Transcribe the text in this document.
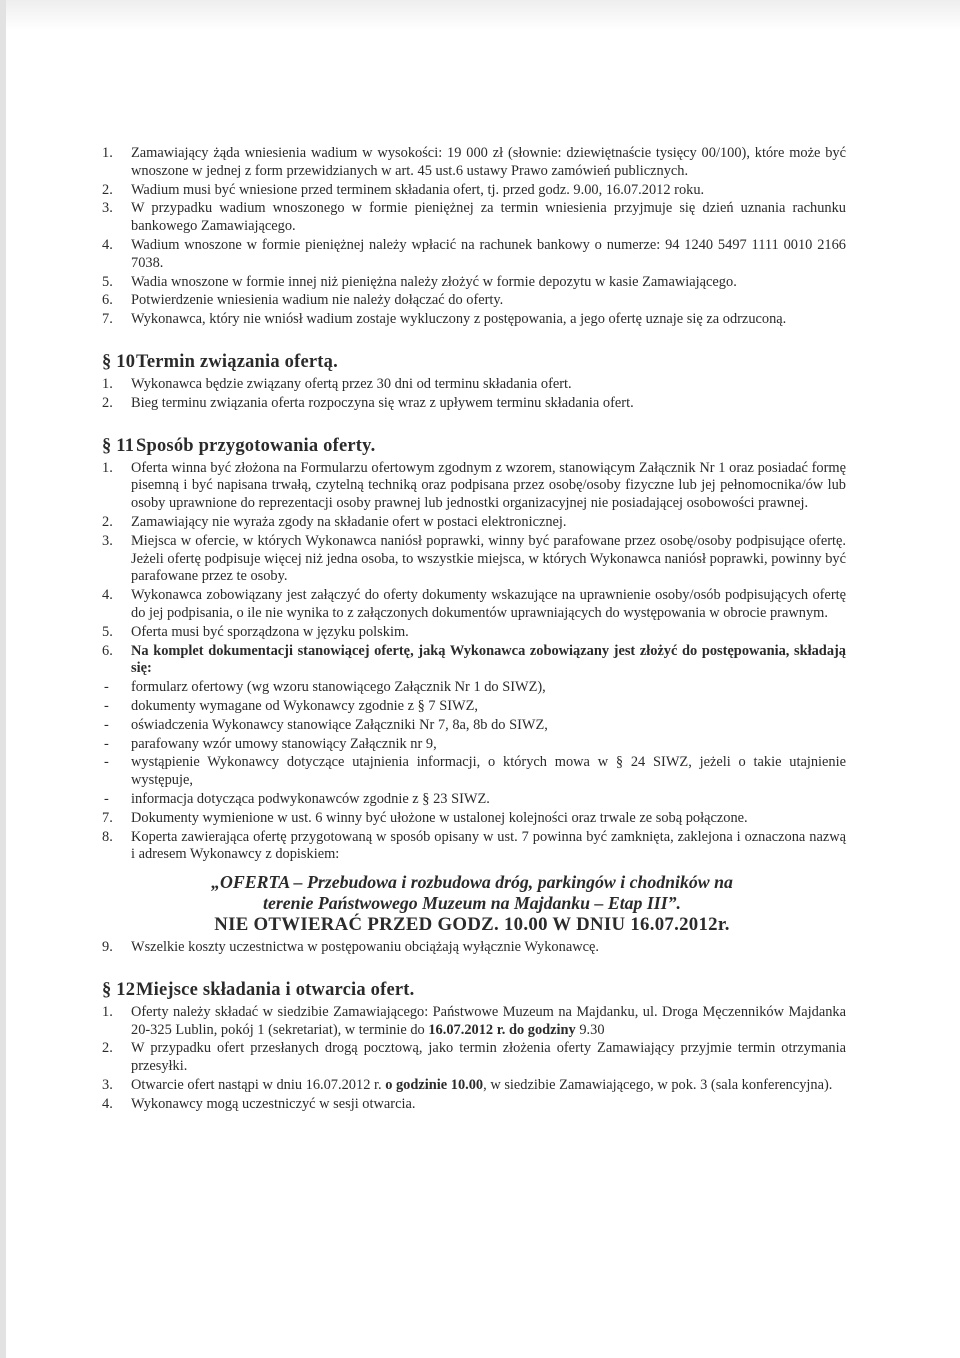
1. Zamawiający żąda wniesienia wadium w wysokości: 19 000 zł (słownie: dziewiętnaście tysięcy 00/100), które może być wnoszone w jednej z form przewidzianych w art. 45 ust.6 ustawy Prawo zamówień publicznych.
2. Wadium musi być wniesione przed terminem składania ofert, tj. przed godz. 9.00, 16.07.2012 roku.
3. W przypadku wadium wnoszonego w formie pieniężnej za termin wniesienia przyjmuje się dzień uznania rachunku bankowego Zamawiającego.
4. Wadium wnoszone w formie pieniężnej należy wpłacić na rachunek bankowy o numerze: 94 1240 5497 1111 0010 2166 7038.
5. Wadia wnoszone w formie innej niż pieniężna należy złożyć w formie depozytu w kasie Zamawiającego.
6. Potwierdzenie wniesienia wadium nie należy dołączać do oferty.
7. Wykonawca, który nie wniósł wadium zostaje wykluczony z postępowania, a jego ofertę uznaje się za odrzuconą.
§ 10Termin związania ofertą.
1. Wykonawca będzie związany ofertą przez 30 dni od terminu składania ofert.
2. Bieg terminu związania oferta rozpoczyna się wraz z upływem terminu składania ofert.
§ 11Sposób przygotowania oferty.
1. Oferta winna być złożona na Formularzu ofertowym zgodnym z wzorem, stanowiącym Załącznik Nr 1 oraz posiadać formę pisemną i być napisana trwałą, czytelną techniką oraz podpisana przez osobę/osoby fizyczne lub jej pełnomocnika/ów lub osoby uprawnione do reprezentacji osoby prawnej lub jednostki organizacyjnej nie posiadającej osobowości prawnej.
2. Zamawiający nie wyraża zgody na składanie ofert w postaci elektronicznej.
3. Miejsca w ofercie, w których Wykonawca naniósł poprawki, winny być parafowane przez osobę/osoby podpisujące ofertę. Jeżeli ofertę podpisuje więcej niż jedna osoba, to wszystkie miejsca, w których Wykonawca naniósł poprawki, powinny być parafowane przez te osoby.
4. Wykonawca zobowiązany jest załączyć do oferty dokumenty wskazujące na uprawnienie osoby/osób podpisujących ofertę do jej podpisania, o ile nie wynika to z załączonych dokumentów uprawniających do występowania w obrocie prawnym.
5. Oferta musi być sporządzona w języku polskim.
6. Na komplet dokumentacji stanowiącej ofertę, jaką Wykonawca zobowiązany jest złożyć do postępowania, składają się:
- formularz ofertowy (wg wzoru stanowiącego Załącznik Nr 1 do SIWZ),
- dokumenty wymagane od Wykonawcy zgodnie z § 7 SIWZ,
- oświadczenia Wykonawcy stanowiące Załączniki Nr 7, 8a, 8b do SIWZ,
- parafowany wzór umowy stanowiący Załącznik nr 9,
- wystąpienie Wykonawcy dotyczące utajnienia informacji, o których mowa w § 24 SIWZ, jeżeli o takie utajnienie występuje,
- informacja dotycząca podwykonawców zgodnie z § 23 SIWZ.
7. Dokumenty wymienione w ust. 6 winny być ułożone w ustalonej kolejności oraz trwale ze sobą połączone.
8. Koperta zawierająca ofertę przygotowaną w sposób opisany w ust. 7 powinna być zamknięta, zaklejona i oznaczona nazwą i adresem Wykonawcy z dopiskiem:
„OFERTA – Przebudowa i rozbudowa dróg, parkingów i chodników na
terenie Państwowego Muzeum na Majdanku – Etap III”.
NIE OTWIERAĆ PRZED GODZ. 10.00 W DNIU 16.07.2012r.
9. Wszelkie koszty uczestnictwa w postępowaniu obciążają wyłącznie Wykonawcę.
§ 12Miejsce składania i otwarcia ofert.
1. Oferty należy składać w siedzibie Zamawiającego: Państwowe Muzeum na Majdanku, ul. Droga Męczenników Majdanka 20-325 Lublin, pokój 1 (sekretariat), w terminie do 16.07.2012 r. do godziny 9.30
2. W przypadku ofert przesłanych drogą pocztową, jako termin złożenia oferty Zamawiający przyjmie termin otrzymania przesyłki.
3. Otwarcie ofert nastąpi w dniu 16.07.2012 r. o godzinie 10.00, w siedzibie Zamawiającego, w pok. 3 (sala konferencyjna).
4. Wykonawcy mogą uczestniczyć w sesji otwarcia.
